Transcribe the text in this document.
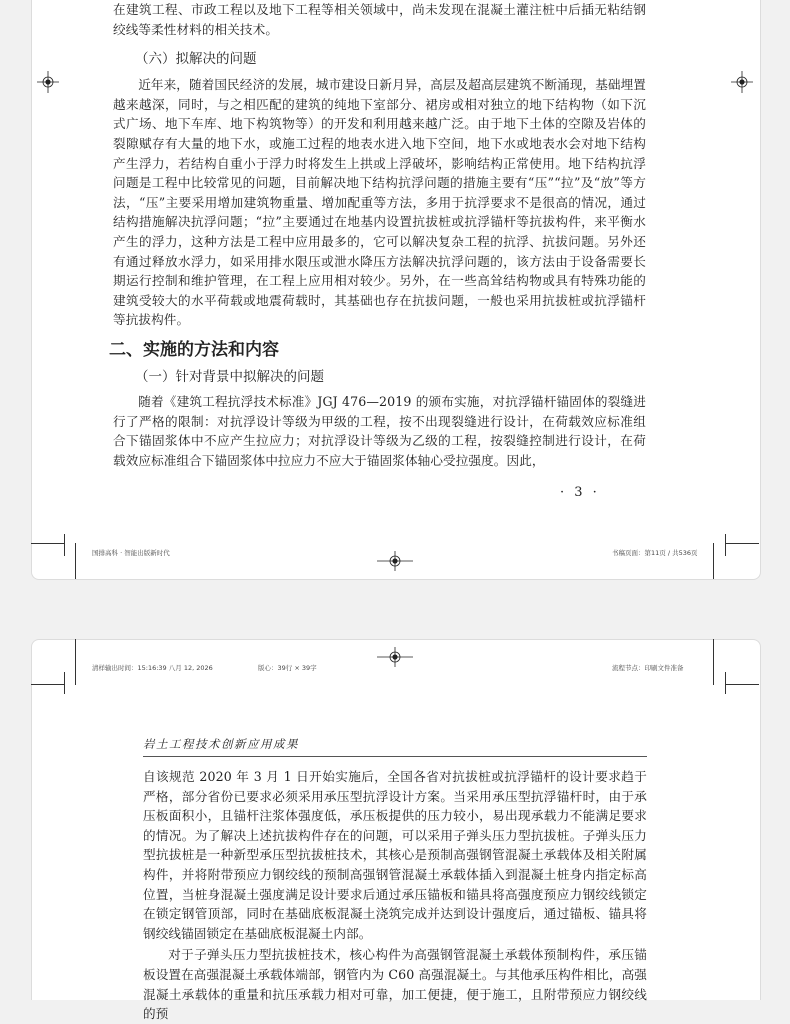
在建筑工程、市政工程以及地下工程等相关领域中，尚未发现在混凝土灌注桩中后插无粘结钢绞线等柔性材料的相关技术。

（六）拟解决的问题

近年来，随着国民经济的发展，城市建设日新月异，高层及超高层建筑不断涌现，基础埋置越来越深，同时，与之相匹配的建筑的纯地下室部分、裙房或相对独立的地下结构物（如下沉式广场、地下车库、地下构筑物等）的开发和利用越来越广泛。由于地下土体的空隙及岩体的裂隙赋存有大量的地下水，或施工过程的地表水进入地下空间，地下水或地表水会对地下结构产生浮力，若结构自重小于浮力时将发生上拱或上浮破坏，影响结构正常使用。地下结构抗浮问题是工程中比较常见的问题，目前解决地下结构抗浮问题的措施主要有“压”“拉”及“放”等方法，“压”主要采用增加建筑物重量、增加配重等方法，多用于抗浮要求不是很高的情况，通过结构措施解决抗浮问题；“拉”主要通过在地基内设置抗拔桩或抗浮锚杆等抗拔构件，来平衡水产生的浮力，这种方法是工程中应用最多的，它可以解决复杂工程的抗浮、抗拔问题。另外还有通过释放水浮力，如采用排水限压或泄水降压方法解决抗浮问题的，该方法由于设备需要长期运行控制和维护管理，在工程上应用相对较少。另外，在一些高耸结构物或具有特殊功能的建筑受较大的水平荷载或地震荷载时，其基础也存在抗拔问题，一般也采用抗拔桩或抗浮锚杆等抗拔构件。

二、实施的方法和内容
（一）针对背景中拟解决的问题

随着《建筑工程抗浮技术标准》JGJ 476—2019 的颁布实施，对抗浮锚杆锚固体的裂缝进行了严格的限制：对抗浮设计等级为甲级的工程，按不出现裂缝进行设计，在荷载效应标准组合下锚固浆体中不应产生拉应力；对抗浮设计等级为乙级的工程，按裂缝控制进行设计，在荷载效应标准组合下锚固浆体中拉应力不应大于锚固浆体轴心受拉强度。因此，

· 3 ·
国排高科 · 智能出版新时代	书稿页面：第11页 / 共536页
清样输出时间：15:16:39 八月 12, 2026	版心：39行 × 39字	流程节点：印刷文件准备
岩土工程技术创新应用成果

自该规范 2020 年 3 月 1 日开始实施后，全国各省对抗拔桩或抗浮锚杆的设计要求趋于严格，部分省份已要求必须采用承压型抗浮设计方案。当采用承压型抗浮锚杆时，由于承压板面积小，且锚杆注浆体强度低，承压板提供的压力较小，易出现承载力不能满足要求的情况。为了解决上述抗拔构件存在的问题，可以采用子弹头压力型抗拔桩。子弹头压力型抗拔桩是一种新型承压型抗拔桩技术，其核心是预制高强钢管混凝土承载体及相关附属构件，并将附带预应力钢绞线的预制高强钢管混凝土承载体插入到混凝土桩身内指定标高位置，当桩身混凝土强度满足设计要求后通过承压锚板和锚具将高强度预应力钢绞线锁定在锁定钢管顶部，同时在基础底板混凝土浇筑完成并达到设计强度后，通过锚板、锚具将钢绞线锚固锁定在基础底板混凝土内部。

对于子弹头压力型抗拔桩技术，核心构件为高强钢管混凝土承载体预制构件，承压锚板设置在高强混凝土承载体端部，钢管内为 C60 高强混凝土。与其他承压构件相比，高强混凝土承载体的重量和抗压承载力相对可靠，加工便捷，便于施工，且附带预应力钢绞线的预
